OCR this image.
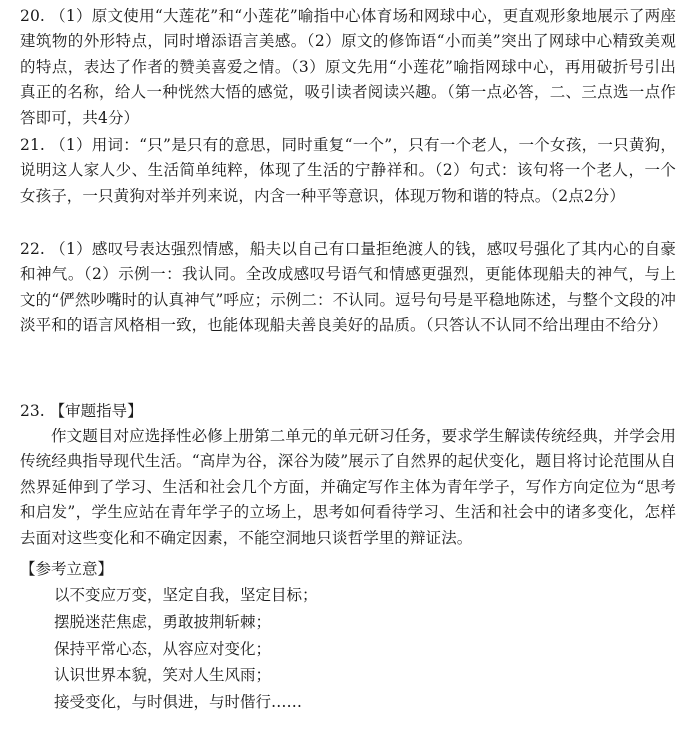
20. （1）原文使用“大莲花”和“小莲花”喻指中心体育场和网球中心，更直观形象地展示了两座建筑物的外形特点，同时增添语言美感。（2）原文的修饰语“小而美”突出了网球中心精致美观的特点，表达了作者的赞美喜爱之情。（3）原文先用“小莲花”喻指网球中心，再用破折号引出真正的名称，给人一种恍然大悟的感觉，吸引读者阅读兴趣。（第一点必答，二、三点选一点作答即可，共4分）
21. （1）用词：“只”是只有的意思，同时重复“一个”，只有一个老人，一个女孩，一只黄狗，说明这人家人少、生活简单纯粹，体现了生活的宁静祥和。（2）句式：该句将一个老人，一个女孩子，一只黄狗对举并列来说，内含一种平等意识，体现万物和谐的特点。（2点2分）
22. （1）感叹号表达强烈情感，船夫以自己有口量拒绝渡人的钱，感叹号强化了其内心的自豪和神气。（2）示例一：我认同。全改成感叹号语气和情感更强烈，更能体现船夫的神气，与上文的“俨然吵嘴时的认真神气”呼应；示例二：不认同。逗号句号是平稳地陈述，与整个文段的冲淡平和的语言风格相一致，也能体现船夫善良美好的品质。（只答认不认同不给出理由不给分）
23. 【审题指导】
作文题目对应选择性必修上册第二单元的单元研习任务，要求学生解读传统经典，并学会用传统经典指导现代生活。“高岸为谷，深谷为陵”展示了自然界的起伏变化，题目将讨论范围从自然界延伸到了学习、生活和社会几个方面，并确定写作主体为青年学子，写作方向定位为“思考和启发”，学生应站在青年学子的立场上，思考如何看待学习、生活和社会中的诸多变化，怎样去面对这些变化和不确定因素，不能空洞地只谈哲学里的辩证法。
【参考立意】
以不变应万变，坚定自我，坚定目标；
摆脱迷茫焦虑，勇敢披荆斩棘；
保持平常心态，从容应对变化；
认识世界本貌，笑对人生风雨；
接受变化，与时俱进，与时偕行……
